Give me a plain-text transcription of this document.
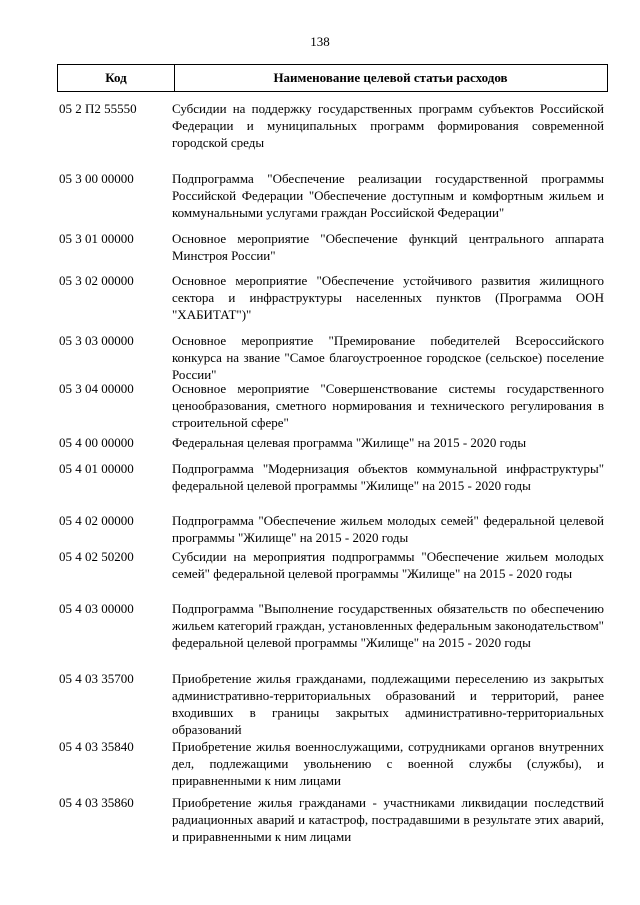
138
Код	Наименование целевой статьи расходов
05 2 П2 55550	Субсидии на поддержку государственных программ субъектов Российской Федерации и муниципальных программ формирования современной городской среды
05 3 00 00000	Подпрограмма "Обеспечение реализации государственной программы Российской Федерации "Обеспечение доступным и комфортным жильем и коммунальными услугами граждан Российской Федерации"
05 3 01 00000	Основное мероприятие "Обеспечение функций центрального аппарата Минстроя России"
05 3 02 00000	Основное мероприятие "Обеспечение устойчивого развития жилищного сектора и инфраструктуры населенных пунктов (Программа ООН "ХАБИТАТ")"
05 3 03 00000	Основное мероприятие "Премирование победителей Всероссийского конкурса на звание "Самое благоустроенное городское (сельское) поселение России"
05 3 04 00000	Основное мероприятие "Совершенствование системы государственного ценообразования, сметного нормирования и технического регулирования в строительной сфере"
05 4 00 00000	Федеральная целевая программа "Жилище" на 2015 - 2020 годы
05 4 01 00000	Подпрограмма "Модернизация объектов коммунальной инфраструктуры" федеральной целевой программы "Жилище" на 2015 - 2020 годы
05 4 02 00000	Подпрограмма "Обеспечение жильем молодых семей" федеральной целевой программы "Жилище" на 2015 - 2020 годы
05 4 02 50200	Субсидии на мероприятия подпрограммы "Обеспечение жильем молодых семей" федеральной целевой программы "Жилище" на 2015 - 2020 годы
05 4 03 00000	Подпрограмма "Выполнение государственных обязательств по обеспечению жильем категорий граждан, установленных федеральным законодательством" федеральной целевой программы "Жилище" на 2015 - 2020 годы
05 4 03 35700	Приобретение жилья гражданами, подлежащими переселению из закрытых административно-территориальных образований и территорий, ранее входивших в границы закрытых административно-территориальных образований
05 4 03 35840	Приобретение жилья военнослужащими, сотрудниками органов внутренних дел, подлежащими увольнению с военной службы (службы), и приравненными к ним лицами
05 4 03 35860	Приобретение жилья гражданами - участниками ликвидации последствий радиационных аварий и катастроф, пострадавшими в результате этих аварий, и приравненными к ним лицами
